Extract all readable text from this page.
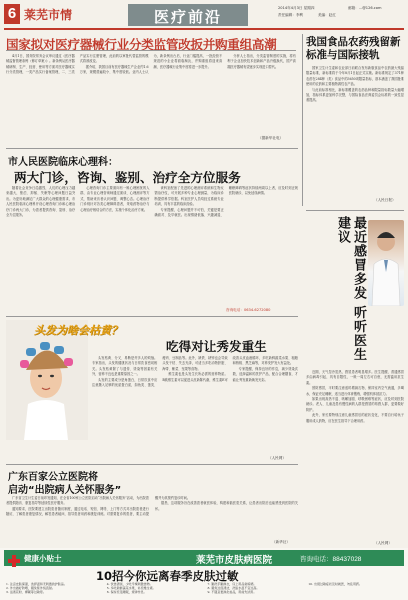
6 莱芜市情	医疗前沿	2014年4月3日 星期四
责任编辑：李利	美编：赵红
邮箱：...@126.com
国家拟对医疗器械行业分类监管改扳并购重组高潮

4月1日，国务院常务会议审议通过《医疗器械监督管理条例（修订草案）》。新条例从医疗器械研制、生产、经营、使用等方面对医疗器械实行分类管理，一类产品实行备案管理，二、三类产品实行注册管理，此前的以审批代替监管的模式将被改变。

据介绍，我国目前有医疗器械生产企业约1.6万家，规模普遍较小、集中度较低。业内人士认为，新条例出台后，行业门槛提高，一批经营不规范的小企业将面临淘汰，并购重组将迎来高潮，医疗器械行业集中度将进一步提升。

分析人士指出，分类监管制度的实施，将有利于企业加快技术创新和产品升级换代，国产高端医疗器械有望逐步实现进口替代。

（据新华社电）
我国食品农药残留新标准与国际接轨

国家卫生计生委和农业部日前联合发布新版食品中农药最大残留限量标准，新标准将于今年8月1日起正式实施。新标准规定了371种农药在284种（类）食品中的3650项限量指标，基本涵盖了我国批准使用的农药和主要植物源性农产品。

与此前标准相比，新标准覆盖的农药品种和限量指标数量大幅增加，指标体系更加科学完整，与国际食品法典委员会标准的一致性显著提高。

（人民日报）
市人民医院临床心理科：
两大门诊，咨询、鉴别、治疗全方位服务

随着社会竞争日趋激烈，人们的心理压力越来越大，焦虑、抑郁、失眠等心理问题日益突出。为更好地满足广大群众的心理健康需求，市人民医院临床心理科开设心理咨询门诊和心理治疗门诊两大门诊，为患者提供咨询、鉴别、治疗全方位服务。

心理咨询门诊主要面向有一般心理困扰的人群，由专业心理咨询师通过面谈、心理测评等方式，帮助来访者认识问题、调整心态。心理治疗门诊则针对各类心理障碍患者，采取药物治疗与心理治疗相结合的方法，实施个体化治疗方案。

该科室配备了先进的心理测评系统和生物反馈治疗仪，可开展多种专业心理测量，为临床诊断提供科学依据。科室医护人员均经过系统专业培训，具有丰富的临床经验。

专家提醒，心理问题并不可怕，关键是要正确面对、及早就医。出现情绪低落、兴趣减退、睡眠障碍等症状持续两周以上者，应及时到正规医院就诊，以免延误病情。

咨询电话：0634-6272080	最近感冒多发 听听医生建议

近期，天气忽冷忽热，感冒患者明显增多。医生提醒，普通感冒多由病毒引起，具有自限性，一般一周左右可自愈，无需滥用抗生素。

预防感冒，平时要注意适时增减衣物，保持室内空气流通，多喝水，保证充足睡眠，适当进行体育锻炼，增强机体抵抗力。

如果出现高热不退、咳嗽加剧、呼吸困难等症状，应及时到医院就诊。老人、儿童及患有慢性病的人群是感冒的易感人群，更要做好防护。

此外，家长要特别注意儿童感冒后的症状变化，不要自行给孩子服用成人药物，应在医生指导下合理用药。

（人民网）
头发为啥会枯黄？
吃得对让秀发重生

头发枯黄、分叉、易断是许多人的烦恼。专家指出，头发的健康状况与日常饮食密切相关。头发枯黄除了与遗传、烫染等因素有关外，营养不良也是重要原因之一。

头发的主要成分是角蛋白，日常饮食中应注意摄入足够的优质蛋白质，如鱼类、蛋类、瘦肉、豆制品等。此外，缺铁、缺锌也会导致头发干枯、失去光泽，可适当多吃动物肝脏、海带、紫菜、坚果等食物。

维生素也是头发生长所必需的营养物质。B族维生素可以促进头皮新陈代谢，维生素E可改善头皮血液循环，多吃新鲜蔬菜水果、粗粮和核桃、黑芝麻等，对养发护发大有益处。

专家提醒，保持良好的作息，减少烫染次数，选择温和的洗护产品，配合合理膳食，才能让秀发重新焕发光彩。

（人民网）
广东百家公立医院将
启动“出院病人关怀服务”

广东省卫生计生委日前印发通知，在全省100家公立医院启动“出院病人关怀服务”活动，为出院患者提供随访、康复指导等延续性医疗服务。

通知要求，医院要建立出院患者随访制度，通过电话、短信、网络、上门等方式对出院患者进行随访，了解患者康复情况，解答患者疑问，指导患者用药和康复训练。对需要复诊的患者，要主动提醒并为其预约复诊时间。

据悉，这项服务旨在改善患者就医体验，构建和谐医患关系，让患者出院后也能感受到医院的关怀。

（新华社）
健康小贴士	莱芜市皮肤病医院	咨询电话：88437028
10招今你远离春季皮肤过敏
1. 注意皮肤保湿，选择温和无刺激的护肤品。
2. 外出做好防晒，避免紫外线直射。
3. 远离花粉、柳絮等过敏原。
4. 饮食清淡，少吃辛辣刺激食物。
5. 多吃新鲜蔬菜水果，补充维生素。
6. 保持充足睡眠，规律作息。
7. 勤洗手勤换衣，床上用品常晾晒。
8. 避免过度清洁，洗脸水温不宜过高。
9. 不随意更换化妆品，用前先试用。
10. 出现过敏症状及时就医，勿乱用药。
